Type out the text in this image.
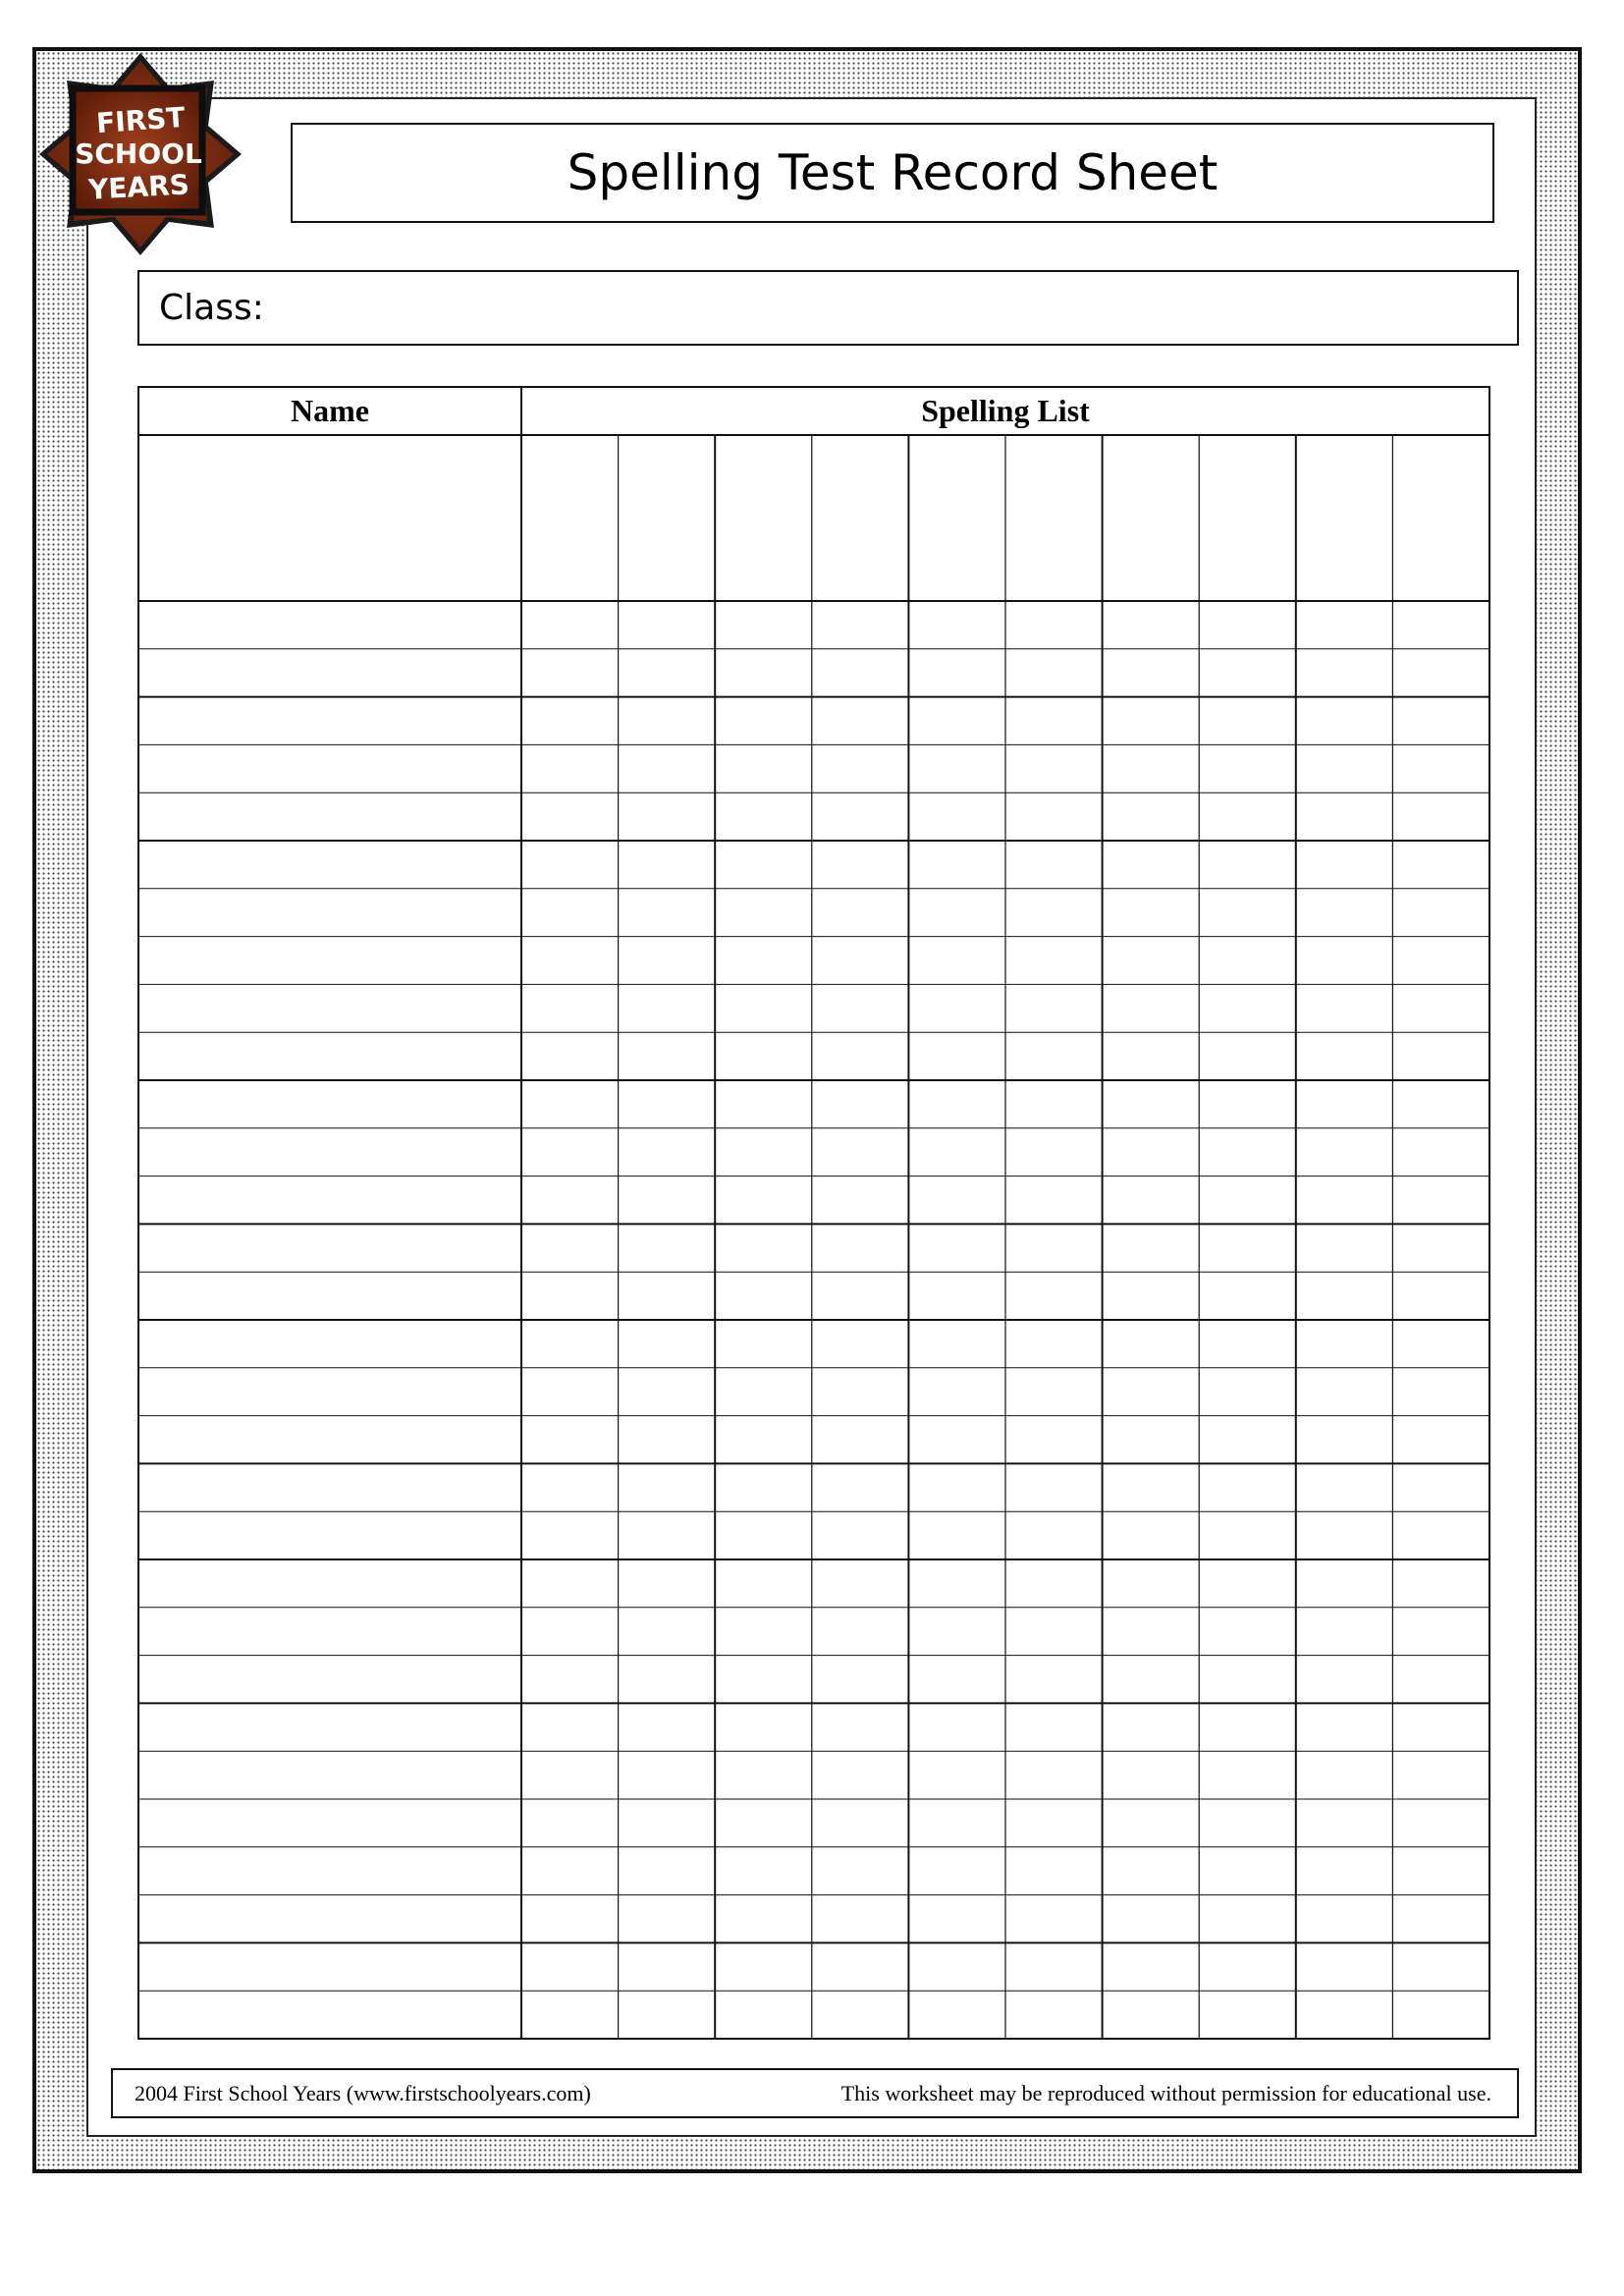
FIRST
SCHOOL
YEARS	Spelling Test Record Sheet
Class:
Name	Spelling List
2004 First School Years (www.firstschoolyears.com)	This worksheet may be reproduced without permission for educational use.
